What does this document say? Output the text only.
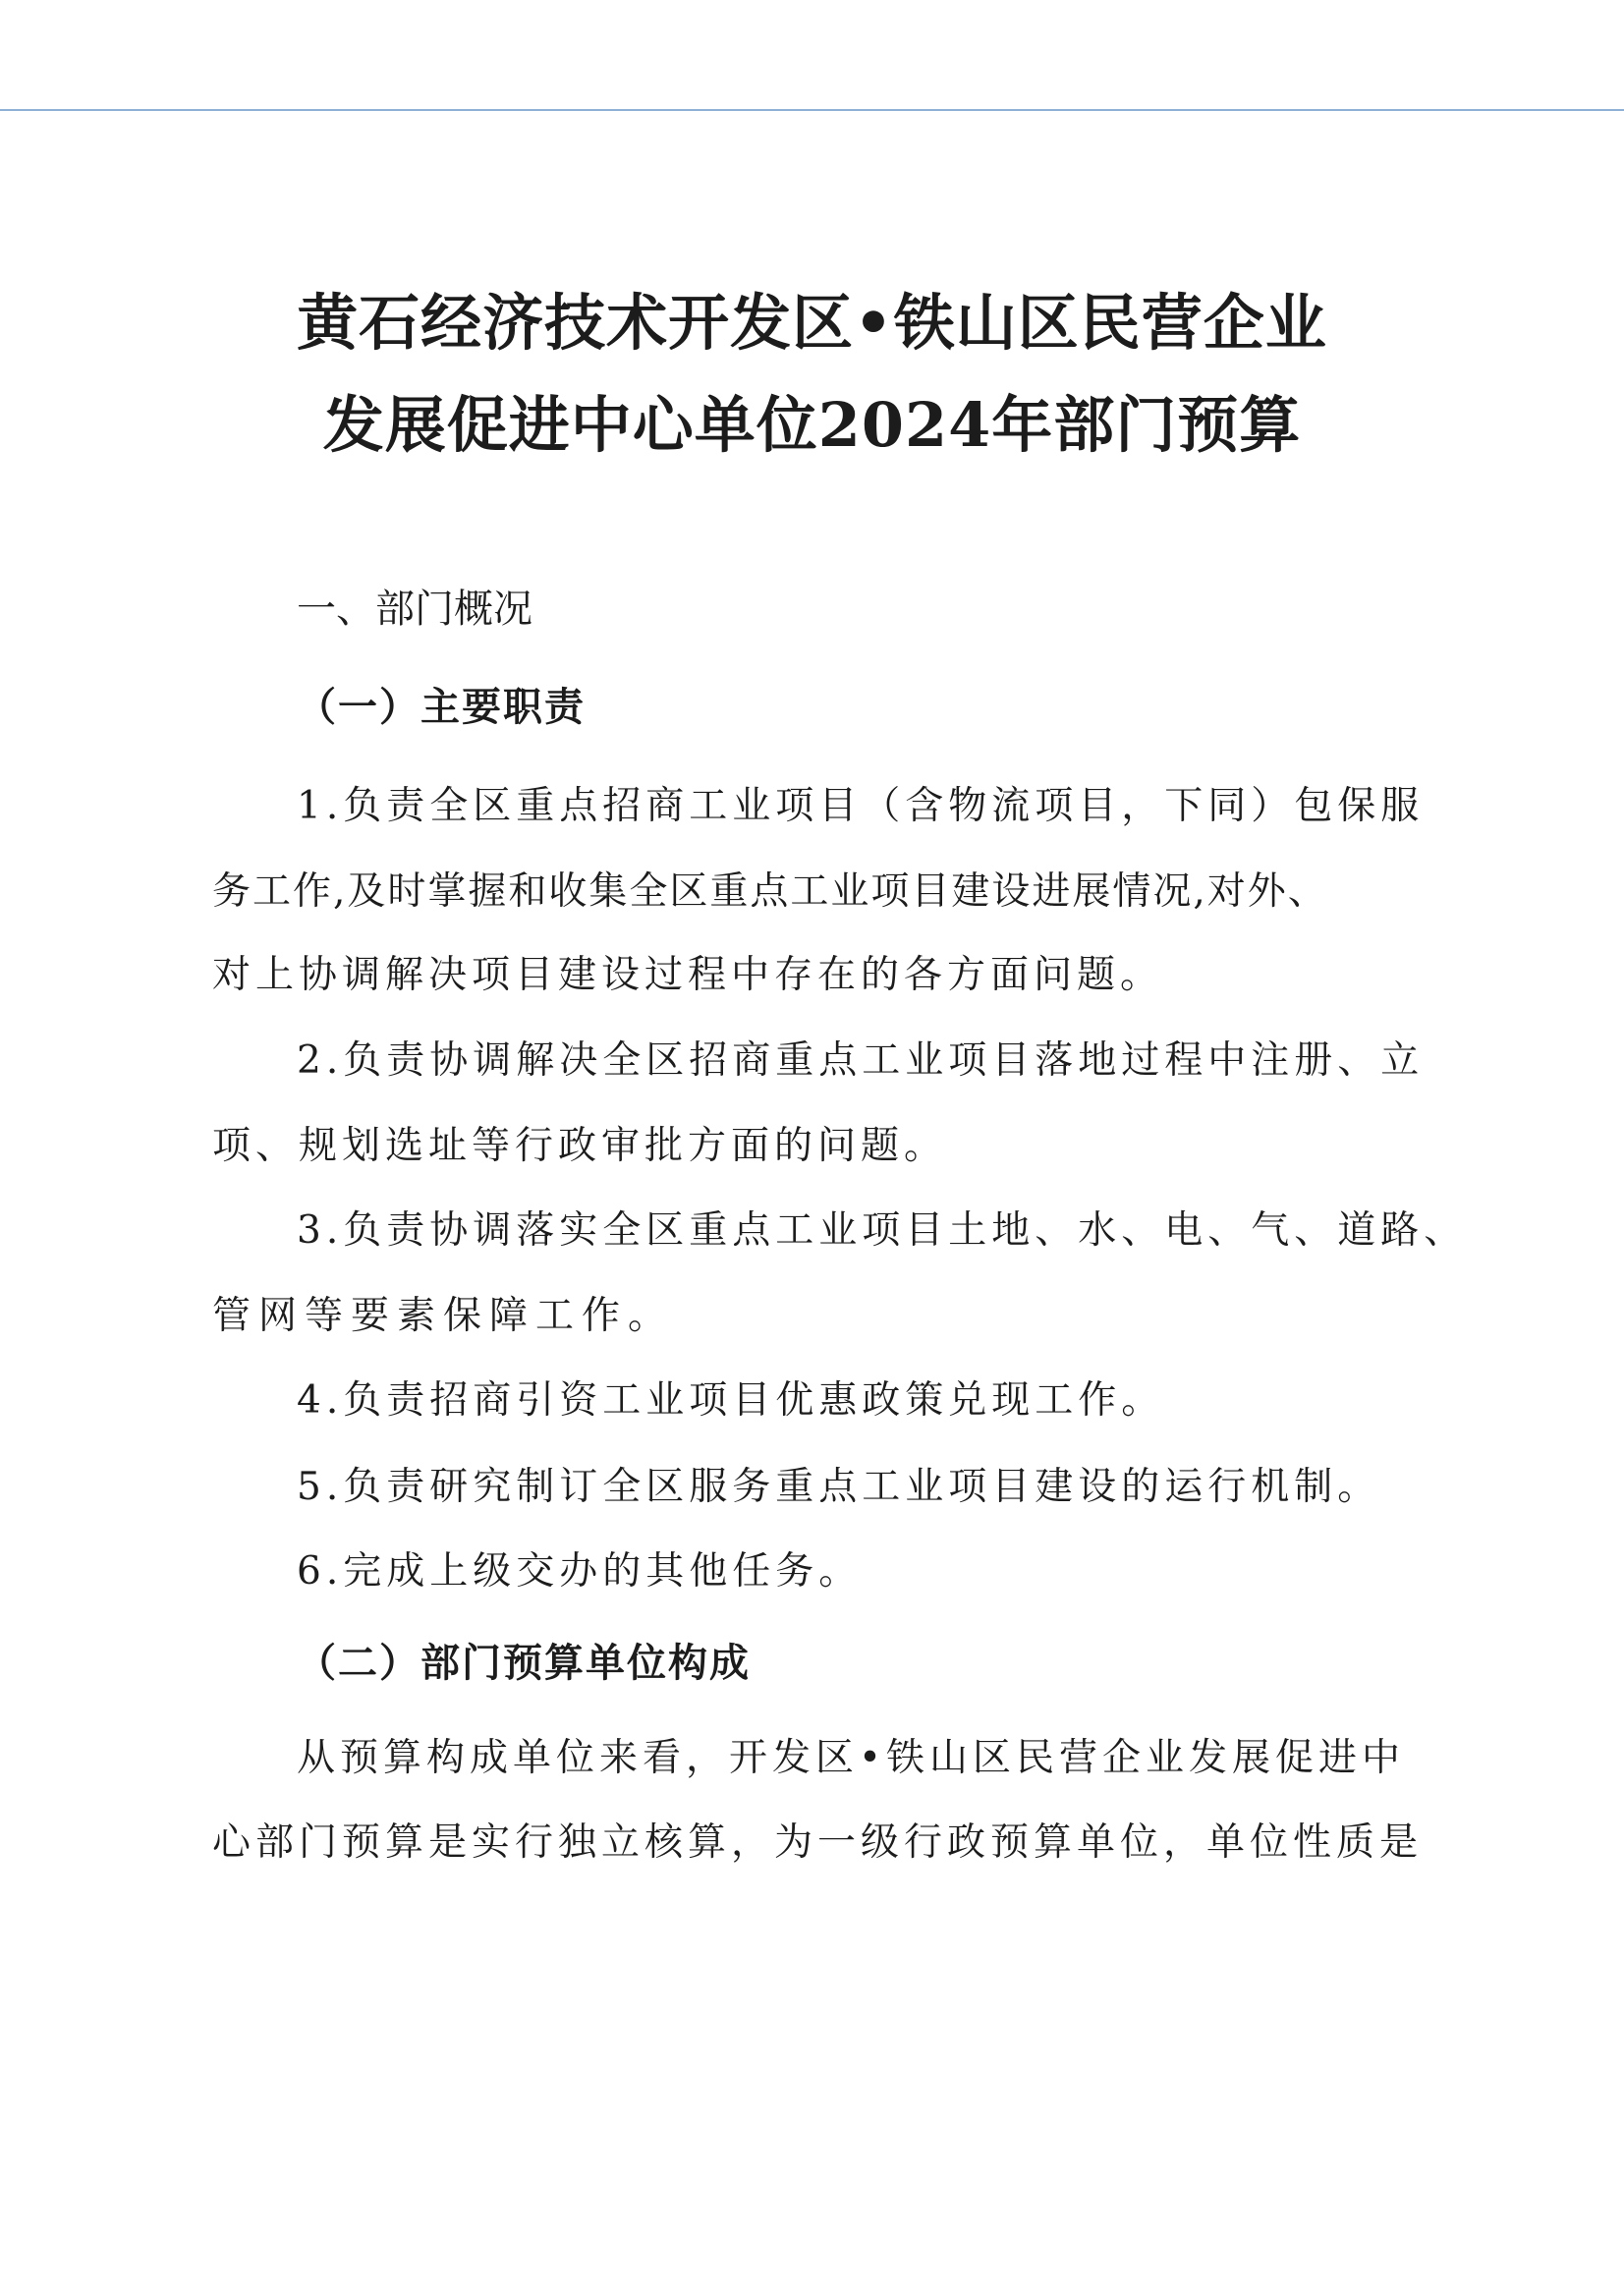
黄石经济技术开发区•铁山区民营企业
发展促进中心单位2024年部门预算
一、部门概况
（一）主要职责
1.负责全区重点招商工业项目（含物流项目，下同）包保服
务工作,及时掌握和收集全区重点工业项目建设进展情况,对外、
对上协调解决项目建设过程中存在的各方面问题。
2.负责协调解决全区招商重点工业项目落地过程中注册、立
项、规划选址等行政审批方面的问题。
3.负责协调落实全区重点工业项目土地、水、电、气、道路、
管网等要素保障工作。
4.负责招商引资工业项目优惠政策兑现工作。
5.负责研究制订全区服务重点工业项目建设的运行机制。
6.完成上级交办的其他任务。
（二）部门预算单位构成
从预算构成单位来看，开发区•铁山区民营企业发展促进中
心部门预算是实行独立核算，为一级行政预算单位，单位性质是
